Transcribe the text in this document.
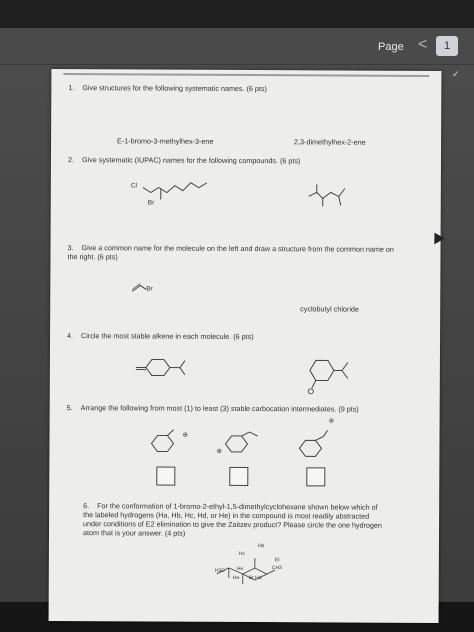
Page <	1
✓
1. Give structures for the following systematic names. (6 pts)
E-1-bromo-3-methylhex-3-ene	2,3-dimethylhex-2-ene
2. Give systematic (IUPAC) names for the following compounds. (6 pts)
Cl
Br
3. Give a common name for the molecule on the left and draw a structure from the common name on the right. (6 pts)
Br
cyclobutyl chloride
4. Circle the most stable alkene in each molecule. (6 pts)
5. Arrange the following from most (1) to least (3) stable carbocation intermediates. (9 pts)
⊕
⊕
⊕
6. For the conformation of 1-bromo-2-ethyl-1,5-dimethylcyclohexane shown below which of the labeled hydrogens (Ha, Hb, Hc, Hd, or He) in the compound is most readily abstracted under conditions of E2 elimination to give the Zaitzev product? Please circle the one hydrogen atom that is your answer. (4 pts)
Hb
H3C
Hc
He
Et
CH3
Ha Br Hd
